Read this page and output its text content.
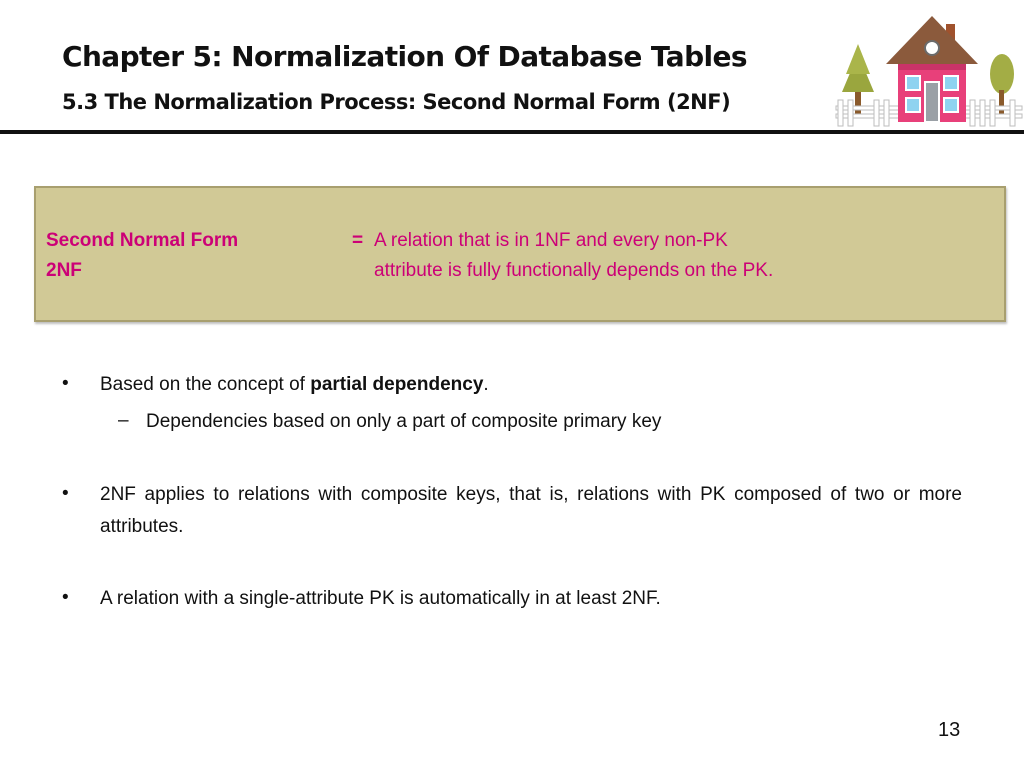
Chapter 5: Normalization Of Database Tables
5.3 The Normalization Process: Second Normal Form (2NF)
Second Normal Form
2NF
= A relation that is in 1NF and every non-PK
attribute is fully functionally depends on the PK.
• Based on the concept of partial dependency.
– Dependencies based on only a part of composite primary key
• 2NF applies to relations with composite keys, that is, relations with PK composed of two or more attributes.
• A relation with a single-attribute PK is automatically in at least 2NF.
13
